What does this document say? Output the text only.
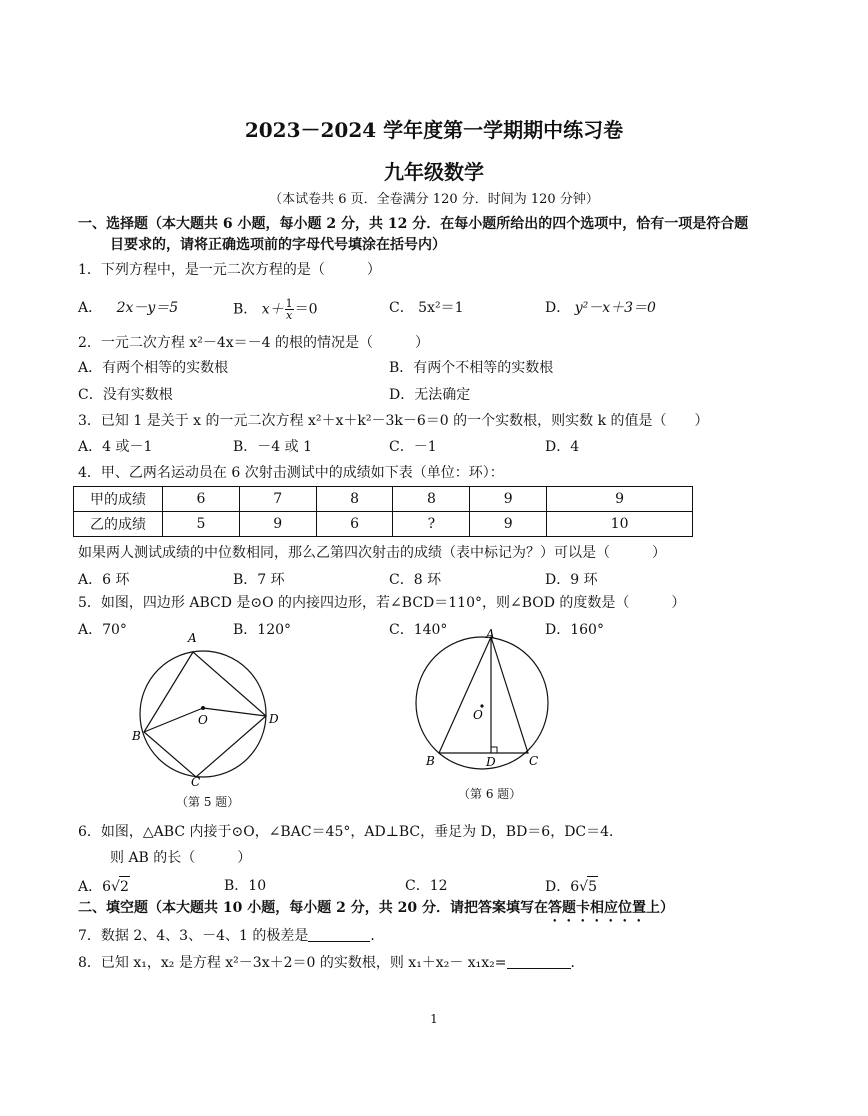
2023－2024 学年度第一学期期中练习卷
九年级数学
（本试卷共 6 页．全卷满分 120 分．时间为 120 分钟）
一、选择题（本大题共 6 小题，每小题 2 分，共 12 分．在每小题所给出的四个选项中，恰有一项是符合题
目要求的，请将正确选项前的字母代号填涂在括号内）
1．下列方程中，是一元二次方程的是（　　　）
A． 2x－y＝5	B． $x+ \frac{1}{x} =0$	C． 5x²＝1	D． y²－x＋3＝0
2．一元二次方程 x²－4x＝－4 的根的情况是（　　　）
A．有两个相等的实数根	B．有两个不相等的实数根
C．没有实数根	D．无法确定
3．已知 1 是关于 x 的一元二次方程 x²＋x＋k²－3k－6＝0 的一个实数根，则实数 k 的值是（　　）
A．4 或－1	B．－4 或 1	C．－1	D．4
4．甲、乙两名运动员在 6 次射击测试中的成绩如下表（单位：环）：
甲的成绩	6	7	8	8	9	9
乙的成绩	5	9	6	?	9	10
如果两人测试成绩的中位数相同，那么乙第四次射击的成绩（表中标记为？）可以是（　　　）
A．6 环	B．7 环	C．8 环	D．9 环
5．如图，四边形 ABCD 是⊙O 的内接四边形，若∠BCD＝110°，则∠BOD 的度数是（　　　）
A．70°	B．120°	C．140°	D．160°
A
B
C
D
O
（第 5 题）
A
B	C
D
O
（第 6 题）
6．如图，△ABC 内接于⊙O，∠BAC＝45°，AD⊥BC，垂足为 D，BD＝6，DC＝4．
则 AB 的长（　　　）
A．6√2	B．10	C．12	D．6√5
二、填空题（本大题共 10 小题，每小题 2 分，共 20 分．请把答案填写在答题卡相应位置上）
7．数据 2、4、3、－4、1 的极差是	．
8．已知 x₁，x₂ 是方程 x²－3x＋2＝0 的实数根，则 x₁＋x₂－ x₁x₂=	．
1
